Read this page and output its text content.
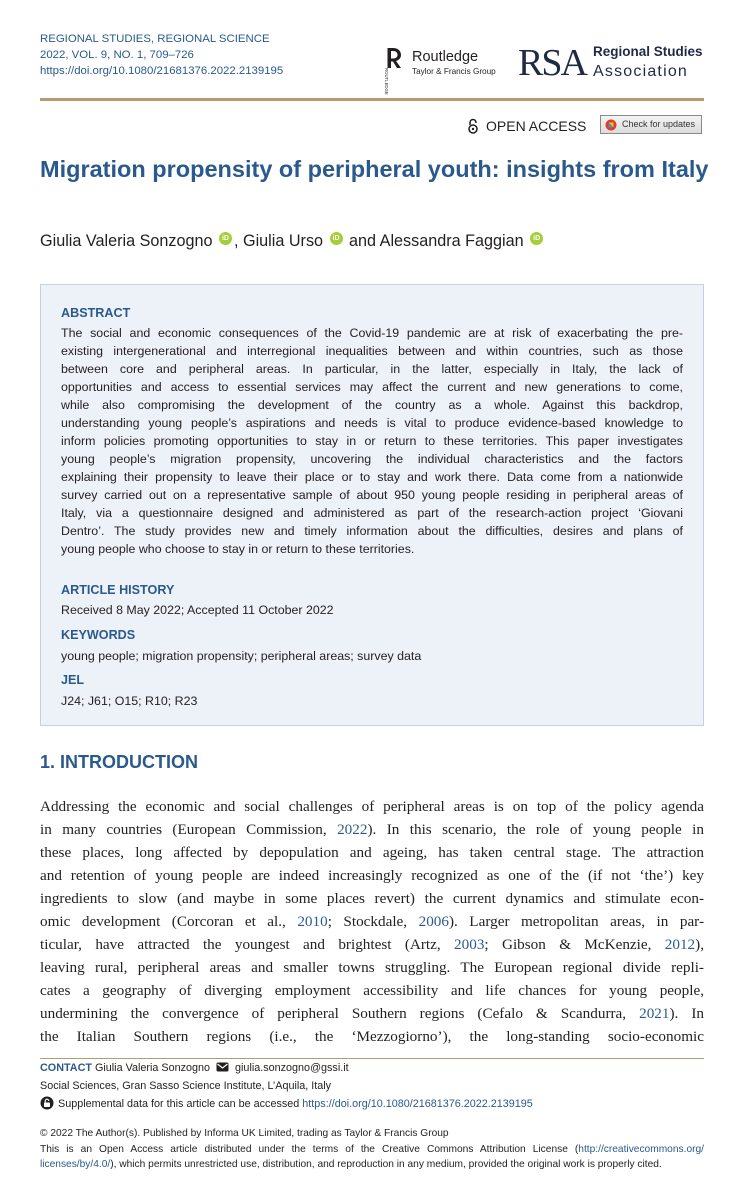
REGIONAL STUDIES, REGIONAL SCIENCE
2022, VOL. 9, NO. 1, 709–726
https://doi.org/10.1080/21681376.2022.2139195	ROUTLEDGE
Routledge
Taylor & Francis Group RSA Regional Studies
Association
OPEN ACCESS	Check for updates
Migration propensity of peripheral youth: insights from Italy
Giulia Valeria Sonzogno iD , Giulia Urso iD and Alessandra Faggian iD
ABSTRACT
The social and economic consequences of the Covid-19 pandemic are at risk of exacerbating the pre-
existing intergenerational and interregional inequalities between and within countries, such as those
between core and peripheral areas. In particular, in the latter, especially in Italy, the lack of
opportunities and access to essential services may affect the current and new generations to come,
while also compromising the development of the country as a whole. Against this backdrop,
understanding young people’s aspirations and needs is vital to produce evidence-based knowledge to
inform policies promoting opportunities to stay in or return to these territories. This paper investigates
young people’s migration propensity, uncovering the individual characteristics and the factors
explaining their propensity to leave their place or to stay and work there. Data come from a nationwide
survey carried out on a representative sample of about 950 young people residing in peripheral areas of
Italy, via a questionnaire designed and administered as part of the research-action project ‘Giovani
Dentro’. The study provides new and timely information about the difficulties, desires and plans of
young people who choose to stay in or return to these territories.
ARTICLE HISTORY
Received 8 May 2022; Accepted 11 October 2022
KEYWORDS
young people; migration propensity; peripheral areas; survey data
JEL
J24; J61; O15; R10; R23
1. INTRODUCTION
Addressing the economic and social challenges of peripheral areas is on top of the policy agenda
in many countries (European Commission, 2022). In this scenario, the role of young people in
these places, long affected by depopulation and ageing, has taken central stage. The attraction
and retention of young people are indeed increasingly recognized as one of the (if not ‘the’) key
ingredients to slow (and maybe in some places revert) the current dynamics and stimulate econ-
omic development (Corcoran et al., 2010; Stockdale, 2006). Larger metropolitan areas, in par-
ticular, have attracted the youngest and brightest (Artz, 2003; Gibson & McKenzie, 2012),
leaving rural, peripheral areas and smaller towns struggling. The European regional divide repli-
cates a geography of diverging employment accessibility and life chances for young people,
undermining the convergence of peripheral Southern regions (Cefalo & Scandurra, 2021). In
the Italian Southern regions (i.e., the ‘Mezzogiorno’), the long-standing socio-economic
CONTACT Giulia Valeria Sonzogno giulia.sonzogno@gssi.it
Social Sciences, Gran Sasso Science Institute, L’Aquila, Italy
Supplemental data for this article can be accessed https://doi.org/10.1080/21681376.2022.2139195
© 2022 The Author(s). Published by Informa UK Limited, trading as Taylor & Francis Group
This is an Open Access article distributed under the terms of the Creative Commons Attribution License (http://creativecommons.org/
licenses/by/4.0/), which permits unrestricted use, distribution, and reproduction in any medium, provided the original work is properly cited.
